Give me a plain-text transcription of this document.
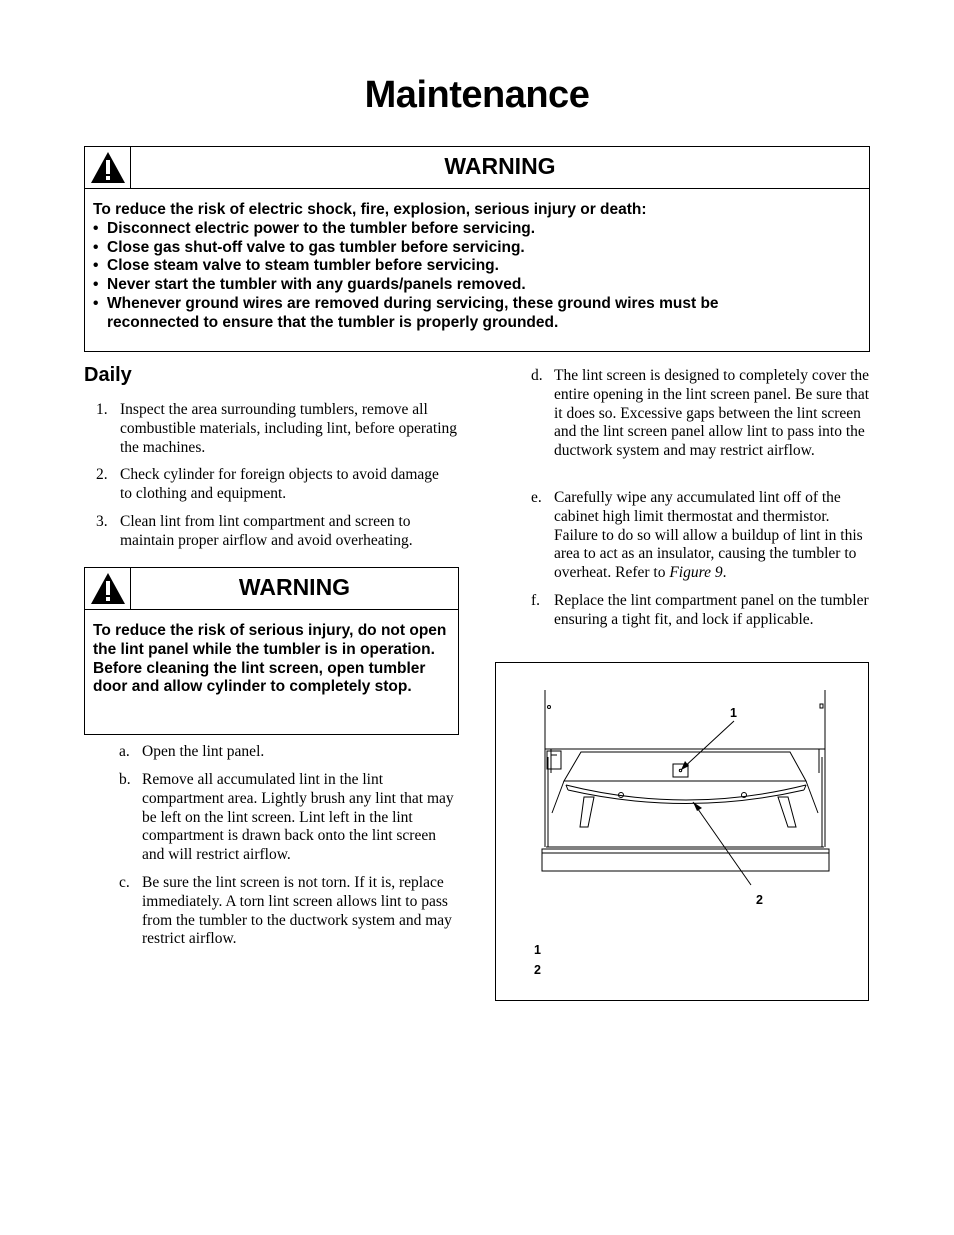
Maintenance
WARNING
To reduce the risk of electric shock, fire, explosion, serious injury or death:
• Disconnect electric power to the tumbler before servicing.
• Close gas shut-off valve to gas tumbler before servicing.
• Close steam valve to steam tumbler before servicing.
• Never start the tumbler with any guards/panels removed.
• Whenever ground wires are removed during servicing, these ground wires must be reconnected to ensure that the tumbler is properly grounded.
Daily
1. Inspect the area surrounding tumblers, remove all combustible materials, including lint, before operating the machines.
2. Check cylinder for foreign objects to avoid damage to clothing and equipment.
3. Clean lint from lint compartment and screen to maintain proper airflow and avoid overheating.
WARNING
To reduce the risk of serious injury, do not open the lint panel while the tumbler is in operation. Before cleaning the lint screen, open tumbler door and allow cylinder to completely stop.
a. Open the lint panel.
b. Remove all accumulated lint in the lint compartment area. Lightly brush any lint that may be left on the lint screen. Lint left in the lint compartment is drawn back onto the lint screen and will restrict airflow.
c. Be sure the lint screen is not torn. If it is, replace immediately. A torn lint screen allows lint to pass from the tumbler to the ductwork system and may restrict airflow.
d. The lint screen is designed to completely cover the entire opening in the lint screen panel. Be sure that it does so. Excessive gaps between the lint screen and the lint screen panel allow lint to pass into the ductwork system and may restrict airflow.
e. Carefully wipe any accumulated lint off of the cabinet high limit thermostat and thermistor. Failure to do so will allow a buildup of lint in this area to act as an insulator, causing the tumbler to overheat. Refer to Figure 9.
f. Replace the lint compartment panel on the tumbler ensuring a tight fit, and lock if applicable.
1
2
1
2
